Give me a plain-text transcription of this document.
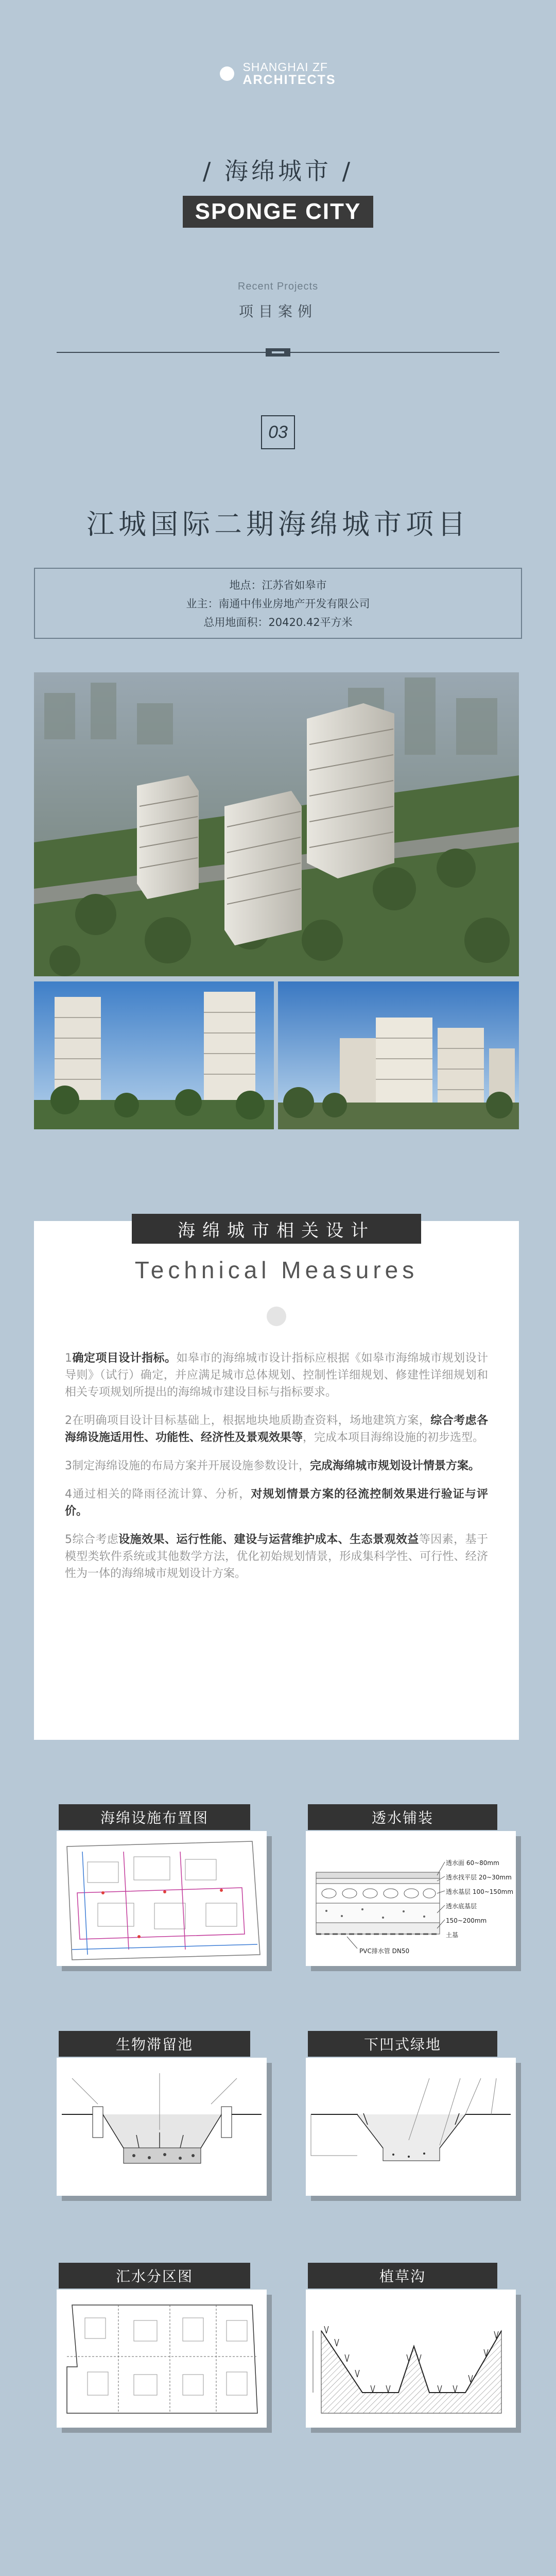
SHANGHAI ZF
ARCHITECTS
/ 海绵城市 /
SPONGE CITY
Recent Projects
项目案例
03
江城国际二期海绵城市项目
地点：江苏省如皋市
业主：南通中伟业房地产开发有限公司
总用地面积：20420.42平方米
海绵城市相关设计
Technical Measures

1确定项目设计指标。如皋市的海绵城市设计指标应根据《如皋市海绵城市规划设计导则》（试行）确定，并应满足城市总体规划、控制性详细规划、修建性详细规划和相关专项规划所提出的海绵城市建设目标与指标要求。

2在明确项目设计目标基础上，根据地块地质勘查资料，场地建筑方案，综合考虑各海绵设施适用性、功能性、经济性及景观效果等，完成本项目海绵设施的初步选型。

3制定海绵设施的布局方案并开展设施参数设计，完成海绵城市规划设计情景方案。

4通过相关的降雨径流计算、分析，对规划情景方案的径流控制效果进行验证与评价。

5综合考虑设施效果、运行性能、建设与运营维护成本、生态景观效益等因素，基于模型类软件系统或其他数学方法，优化初始规划情景，形成集科学性、可行性、经济性为一体的海绵城市规划设计方案。

海绵设施布置图	透水铺装
透水面 60~80mm
透水找平层 20~30mm
透水基层 100~150mm
透水底基层 150~200mm
土基
PVC排水管 DN50
生物滞留池	下凹式绿地
汇水分区图	植草沟
